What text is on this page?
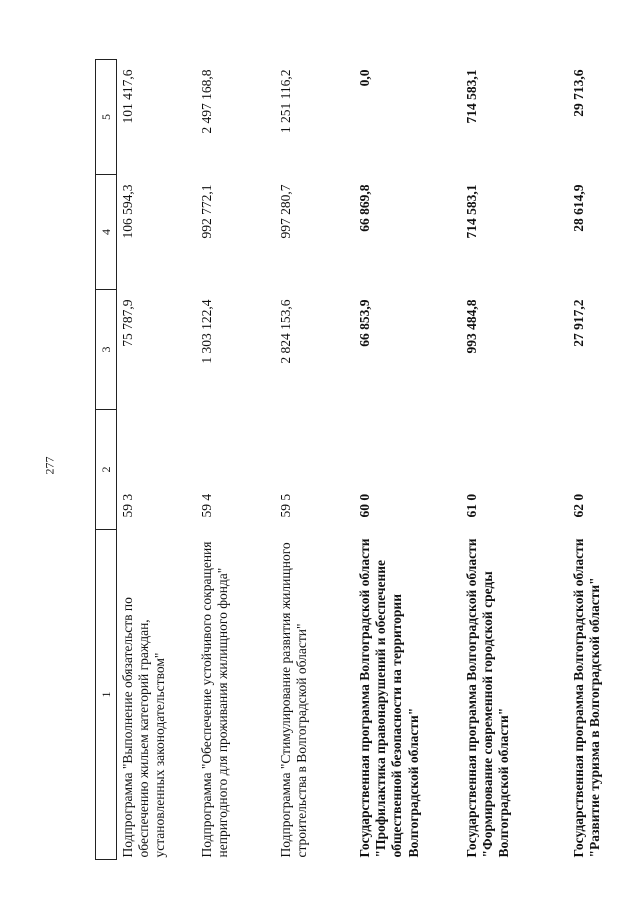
277
1	2	3	4	5
Подпрограмма "Выполнение обязательств по обеспечению жильем категорий граждан, установленных законодательством"	59 3	75 787,9	106 594,3	101 417,6
Подпрограмма "Обеспечение устойчивого сокращения непригодного для проживания жилищного фонда"	59 4	1 303 122,4	992 772,1	2 497 168,8
Подпрограмма "Стимулирование развития жилищного строительства в Волгоградской области"	59 5	2 824 153,6	997 280,7	1 251 116,2
Государственная программа Волгоградской области "Профилактика правонарушений и обеспечение общественной безопасности на территории Волгоградской области"	60 0	66 853,9	66 869,8	0,0
Государственная программа Волгоградской области "Формирование современной городской среды Волгоградской области"	61 0	993 484,8	714 583,1	714 583,1
Государственная программа Волгоградской области "Развитие туризма в Волгоградской области"	62 0	27 917,2	28 614,9	29 713,6
